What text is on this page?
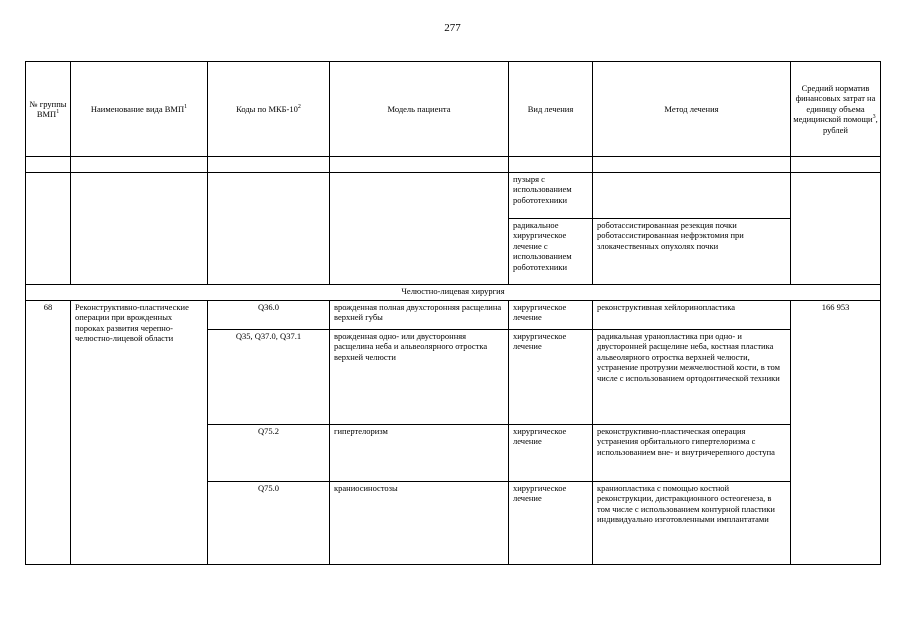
277
№ группы ВМП$^1$	Наименование вида ВМП$^1$	Коды по МКБ-$10^2$	Модель пациента	Вид лечения	Метод лечения	Средний норматив финансовых затрат на единицу объема медицинской помощи$^3$, рублей

				пузыря с использованием робототехники		
				радикальное хирургическое лечение с использованием робототехники	роботассистированная резекция почки роботассистированная нефрэктомия при злокачественных опухолях почки	
Челюстно-лицевая хирургия						
68	Реконструктивно-пластические операции при врожденных пороках развития черепно-челюстно-лицевой области	Q36.0	врожденная полная двухсторонняя расщелина верхней губы	хирургическое лечение	реконструктивная хейлоринопластика	166 953
		Q35, Q37.0, Q37.1	врожденная одно- или двусторонняя расщелина неба и альвеолярного отростка верхней челюсти	хирургическое лечение	радикальная уранопластика при одно- и двусторонней расщелине неба, костная пластика альвеолярного отростка верхней челюсти, устранение протрузии межчелюстной кости, в том числе с использованием ортодонтической техники	
		Q75.2	гипертелоризм	хирургическое лечение	реконструктивно-пластическая операция устранения орбитального гипертелоризма с использованием вне- и внутричерепного доступа	
		Q75.0	краниосиностозы	хирургическое лечение	краниопластика с помощью костной реконструкции, дистракционного остеогенеза, в том числе с использованием контурной пластики индивидуально изготовленными имплантатами	
